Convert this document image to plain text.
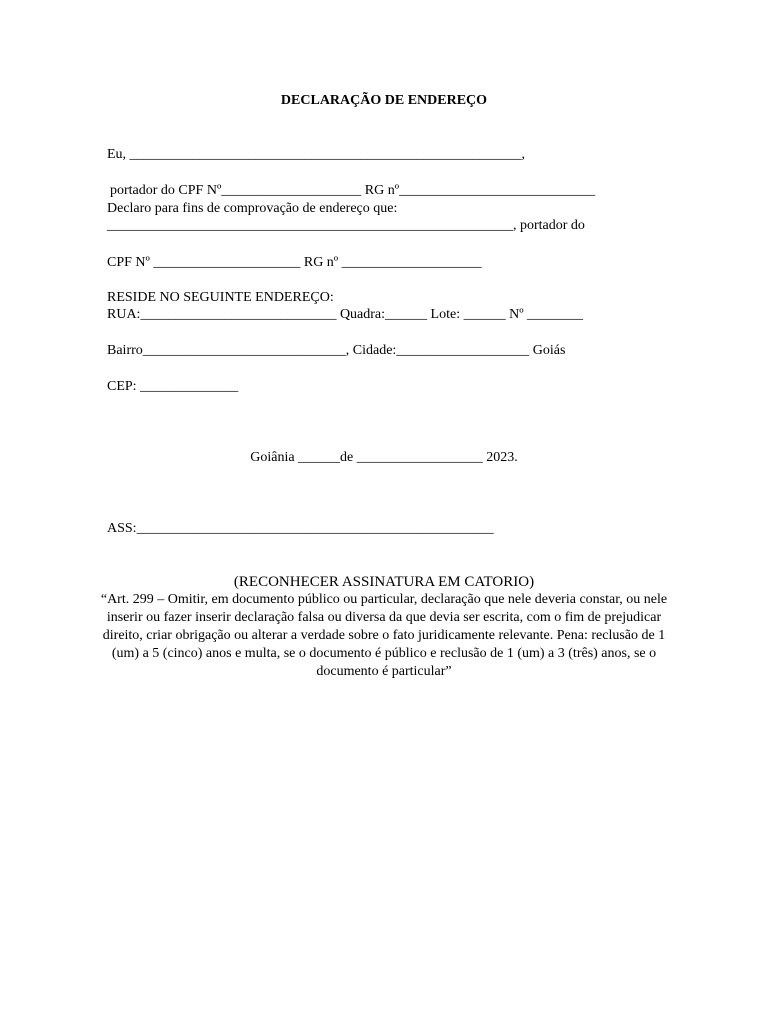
DECLARAÇÃO DE ENDEREÇO
Eu, ________________________________________________________,
portador do CPF Nº____________________ RG nº____________________________
Declaro para fins de comprovação de endereço que:
__________________________________________________________, portador do
CPF Nº _____________________ RG nº ____________________
RESIDE NO SEGUINTE ENDEREÇO:
RUA:____________________________ Quadra:______ Lote: ______ Nº ________
Bairro_____________________________, Cidade:___________________ Goiás
CEP: ______________
Goiânia ______de __________________ 2023.
ASS:___________________________________________________
(RECONHECER ASSINATURA EM CATORIO)
“Art. 299 – Omitir, em documento público ou particular, declaração que nele deveria constar, ou nele inserir ou fazer inserir declaração falsa ou diversa da que devia ser escrita, com o fim de prejudicar direito, criar obrigação ou alterar a verdade sobre o fato juridicamente relevante. Pena: reclusão de 1 (um) a 5 (cinco) anos e multa, se o documento é público e reclusão de 1 (um) a 3 (três) anos, se o documento é particular”
